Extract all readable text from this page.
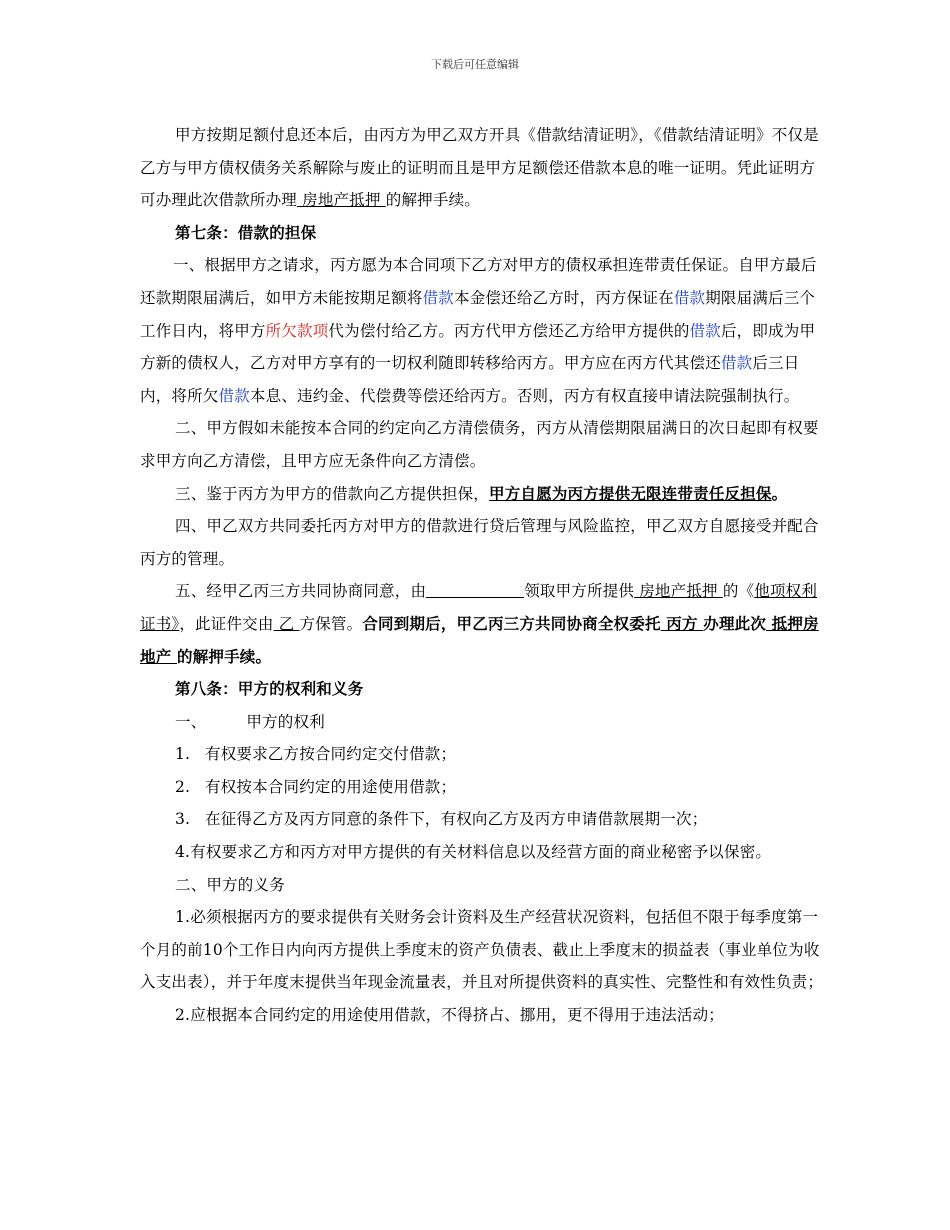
下载后可任意编辑

甲方按期足额付息还本后，由丙方为甲乙双方开具《借款结清证明》，《借款结清证明》不仅是乙方与甲方债权债务关系解除与废止的证明而且是甲方足额偿还借款本息的唯一证明。凭此证明方可办理此次借款所办理 房地产抵押 的解押手续。

第七条：借款的担保

一、根据甲方之请求，丙方愿为本合同项下乙方对甲方的债权承担连带责任保证。自甲方最后还款期限届满后，如甲方未能按期足额将借款本金偿还给乙方时，丙方保证在借款期限届满后三个工作日内，将甲方所欠款项代为偿付给乙方。丙方代甲方偿还乙方给甲方提供的借款后，即成为甲方新的债权人，乙方对甲方享有的一切权利随即转移给丙方。甲方应在丙方代其偿还借款后三日内，将所欠借款本息、违约金、代偿费等偿还给丙方。否则，丙方有权直接申请法院强制执行。

二、甲方假如未能按本合同的约定向乙方清偿债务，丙方从清偿期限届满日的次日起即有权要求甲方向乙方清偿，且甲方应无条件向乙方清偿。

三、鉴于丙方为甲方的借款向乙方提供担保，甲方自愿为丙方提供无限连带责任反担保。

四、甲乙双方共同委托丙方对甲方的借款进行贷后管理与风险监控，甲乙双方自愿接受并配合丙方的管理。

五、经甲乙丙三方共同协商同意，由	领取甲方所提供 房地产抵押 的《他项权利证书》，此证件交由 乙 方保管。合同到期后，甲乙丙三方共同协商全权委托 丙方 办理此次 抵押房地产 的解押手续。

第八条：甲方的权利和义务

一、	甲方的权利

1. 有权要求乙方按合同约定交付借款；

2. 有权按本合同约定的用途使用借款；

3. 在征得乙方及丙方同意的条件下，有权向乙方及丙方申请借款展期一次；

4.有权要求乙方和丙方对甲方提供的有关材料信息以及经营方面的商业秘密予以保密。

二、甲方的义务

1.必须根据丙方的要求提供有关财务会计资料及生产经营状况资料，包括但不限于每季度第一个月的前10个工作日内向丙方提供上季度末的资产负债表、截止上季度末的损益表（事业单位为收入支出表），并于年度末提供当年现金流量表，并且对所提供资料的真实性、完整性和有效性负责；

2.应根据本合同约定的用途使用借款，不得挤占、挪用，更不得用于违法活动；
